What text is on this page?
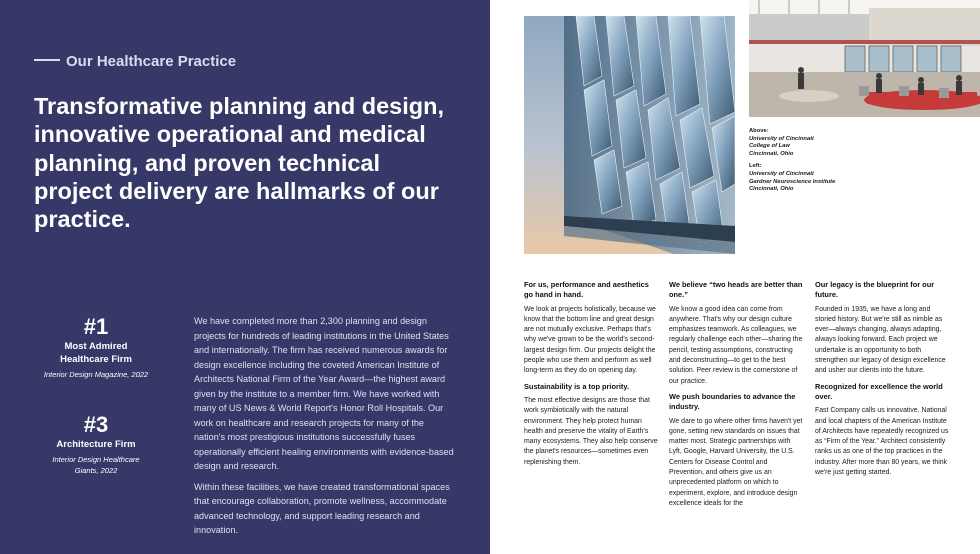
Our Healthcare Practice
Transformative planning and design, innovative operational and medical planning, and proven technical project delivery are hallmarks of our practice.
#1
Most Admired Healthcare Firm
Interior Design Magazine, 2022
#3
Architecture Firm
Interior Design Healthcare Giants, 2022

We have completed more than 2,300 planning and design projects for hundreds of leading institutions in the United States and internationally. The firm has received numerous awards for design excellence including the coveted American Institute of Architects National Firm of the Year Award—the highest award given by the institute to a member firm. We have worked with many of US News & World Report's Honor Roll Hospitals. Our work on healthcare and research projects for many of the nation's most prestigious institutions successfully fuses operationally efficient healing environments with evidence-based design and research.

Within these facilities, we have created transformational spaces that encourage collaboration, promote wellness, accommodate advanced technology, and support leading research and innovation.

Above:
University of Cincinnati
College of Law
Cincinnati, Ohio
Left:
University of Cincinnati
Gardner Neuroscience Institute
Cincinnati, Ohio
For us, performance and aesthetics go hand in hand.

We look at projects holistically, because we know that the bottom line and great design are not mutually exclusive. Perhaps that's why we've grown to be the world's second-largest design firm. Our projects delight the people who use them and perform as well long-term as they do on opening day.

Sustainability is a top priority.

The most effective designs are those that work symbiotically with the natural environment. They help protect human health and preserve the vitality of Earth's many ecosystems. They also help conserve the planet's resources—sometimes even replenishing them.

We believe “two heads are better than one.”

We know a good idea can come from anywhere. That's why our design culture emphasizes teamwork. As colleagues, we regularly challenge each other—sharing the pencil, testing assumptions, constructing and deconstructing—to get to the best solution. Peer review is the cornerstone of our practice.

We push boundaries to advance the industry.

We dare to go where other firms haven't yet gone, setting new standards on issues that matter most. Strategic partnerships with Lyft, Google, Harvard University, the U.S. Centers for Disease Control and Prevention, and others give us an unprecedented platform on which to experiment, explore, and introduce design excellence ideals for the

Our legacy is the blueprint for our future.

Founded in 1935, we have a long and storied history. But we're still as nimble as ever—always changing, always adapting, always looking forward. Each project we undertake is an opportunity to both strengthen our legacy of design excellence and usher our clients into the future.

Recognized for excellence the world over.

Fast Company calls us innovative. National and local chapters of the American Institute of Architects have repeatedly recognized us as “Firm of the Year.” Architect consistently ranks us as one of the top practices in the industry. After more than 80 years, we think we're just getting started.
